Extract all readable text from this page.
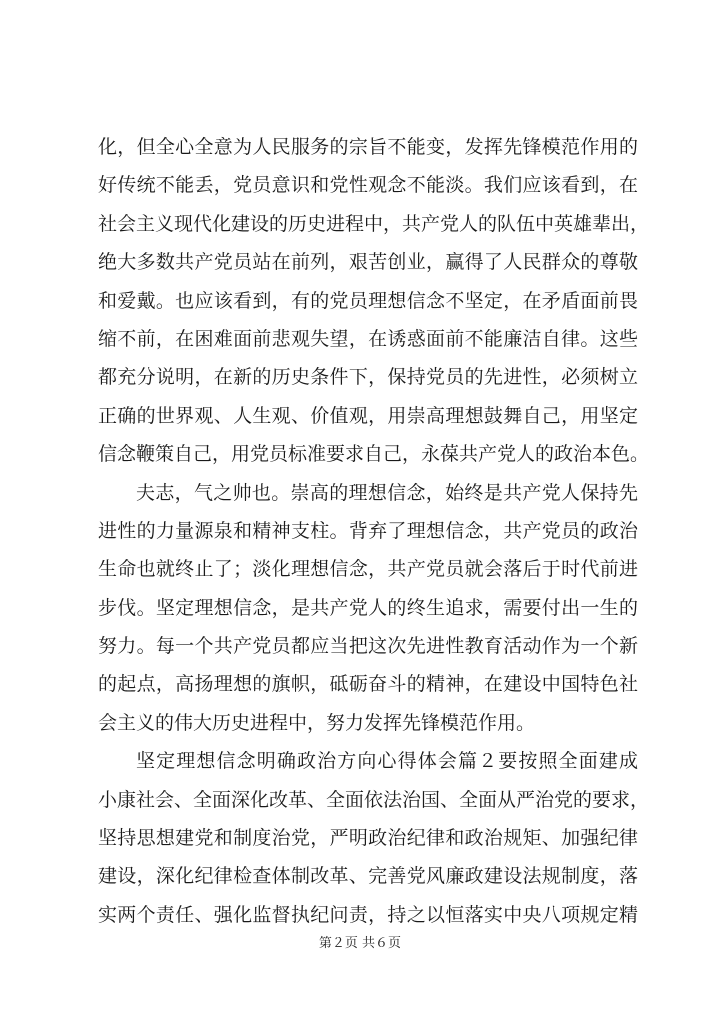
化，但全心全意为人民服务的宗旨不能变，发挥先锋模范作用的
好传统不能丢，党员意识和党性观念不能淡。我们应该看到，在
社会主义现代化建设的历史进程中，共产党人的队伍中英雄辈出，
绝大多数共产党员站在前列，艰苦创业，赢得了人民群众的尊敬
和爱戴。也应该看到，有的党员理想信念不坚定，在矛盾面前畏
缩不前，在困难面前悲观失望，在诱惑面前不能廉洁自律。这些
都充分说明，在新的历史条件下，保持党员的先进性，必须树立
正确的世界观、人生观、价值观，用崇高理想鼓舞自己，用坚定
信念鞭策自己，用党员标准要求自己，永葆共产党人的政治本色。
夫志，气之帅也。崇高的理想信念，始终是共产党人保持先
进性的力量源泉和精神支柱。背弃了理想信念，共产党员的政治
生命也就终止了；淡化理想信念，共产党员就会落后于时代前进
步伐。坚定理想信念，是共产党人的终生追求，需要付出一生的
努力。每一个共产党员都应当把这次先进性教育活动作为一个新
的起点，高扬理想的旗帜，砥砺奋斗的精神，在建设中国特色社
会主义的伟大历史进程中，努力发挥先锋模范作用。
坚定理想信念明确政治方向心得体会篇２要按照全面建成
小康社会、全面深化改革、全面依法治国、全面从严治党的要求，
坚持思想建党和制度治党，严明政治纪律和政治规矩、加强纪律
建设，深化纪律检查体制改革、完善党风廉政建设法规制度，落
实两个责任、强化监督执纪问责，持之以恒落实中央八项规定精
第２页 共６页
